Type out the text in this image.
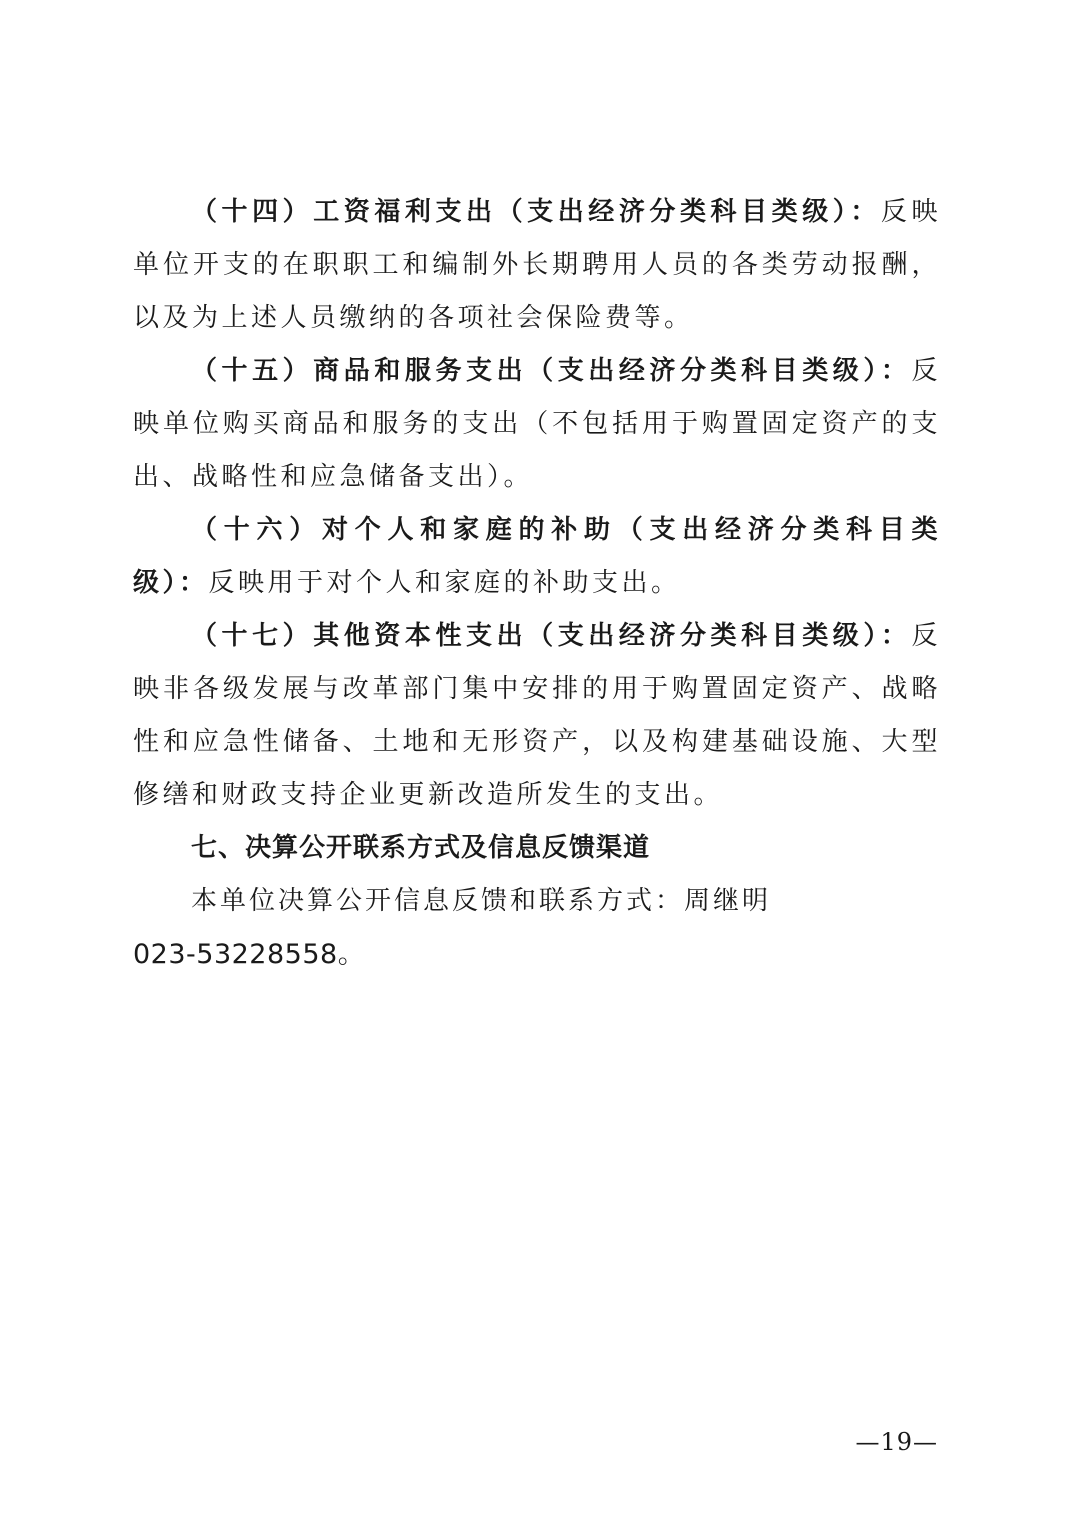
（十四）工资福利支出（支出经济分类科目类级）：反映单位开支的在职职工和编制外长期聘用人员的各类劳动报酬，以及为上述人员缴纳的各项社会保险费等。

（十五）商品和服务支出（支出经济分类科目类级）：反映单位购买商品和服务的支出（不包括用于购置固定资产的支出、战略性和应急储备支出）。

（十六）对个人和家庭的补助（支出经济分类科目类级）：反映用于对个人和家庭的补助支出。

（十七）其他资本性支出（支出经济分类科目类级）：反映非各级发展与改革部门集中安排的用于购置固定资产、战略性和应急性储备、土地和无形资产，以及构建基础设施、大型修缮和财政支持企业更新改造所发生的支出。

七、决算公开联系方式及信息反馈渠道

本单位决算公开信息反馈和联系方式：周继明

023-53228558。

—19—
